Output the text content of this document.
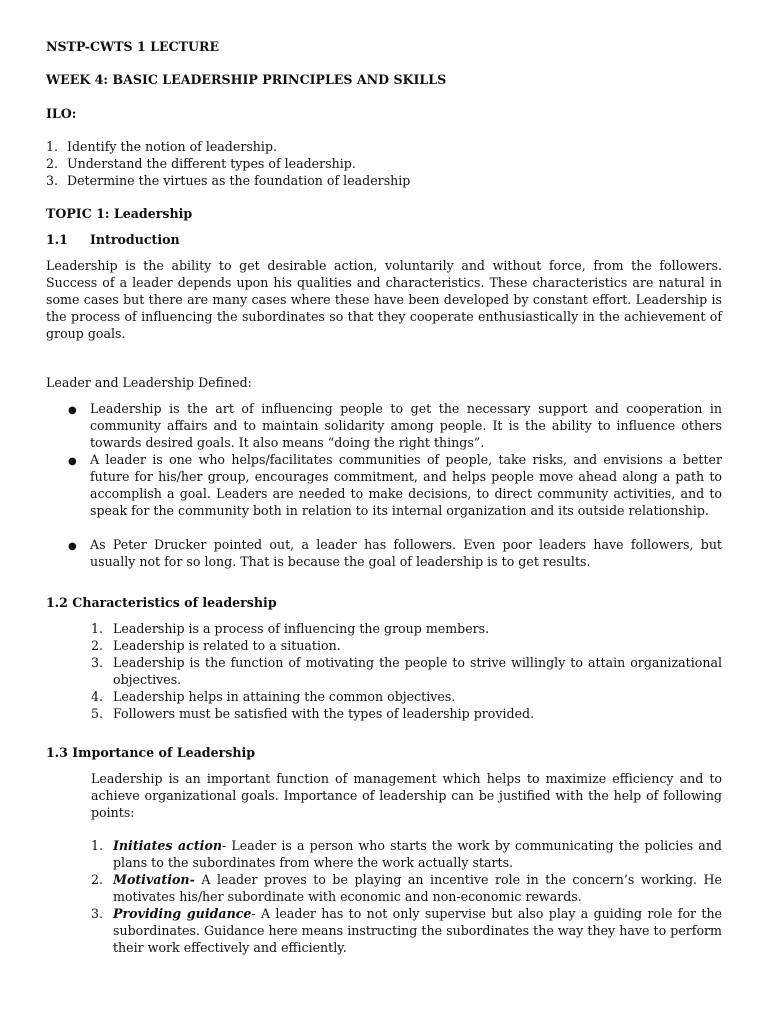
NSTP-CWTS 1 LECTURE
WEEK 4: BASIC LEADERSHIP PRINCIPLES AND SKILLS
ILO:
1. Identify the notion of leadership.
2. Understand the different types of leadership.
3. Determine the virtues as the foundation of leadership
TOPIC 1: Leadership
1.1 Introduction
Leadership is the ability to get desirable action, voluntarily and without force, from the followers. Success of a leader depends upon his qualities and characteristics. These characteristics are natural in some cases but there are many cases where these have been developed by constant effort. Leadership is the process of influencing the subordinates so that they cooperate enthusiastically in the achievement of group goals.
Leader and Leadership Defined:
● Leadership is the art of influencing people to get the necessary support and cooperation in community affairs and to maintain solidarity among people. It is the ability to influence others towards desired goals. It also means “doing the right things”.
● A leader is one who helps/facilitates communities of people, take risks, and envisions a better future for his/her group, encourages commitment, and helps people move ahead along a path to accomplish a goal. Leaders are needed to make decisions, to direct community activities, and to speak for the community both in relation to its internal organization and its outside relationship.
● As Peter Drucker pointed out, a leader has followers. Even poor leaders have followers, but usually not for so long. That is because the goal of leadership is to get results.
1.2 Characteristics of leadership
1. Leadership is a process of influencing the group members.
2. Leadership is related to a situation.
3. Leadership is the function of motivating the people to strive willingly to attain organizational objectives.
4. Leadership helps in attaining the common objectives.
5. Followers must be satisfied with the types of leadership provided.
1.3 Importance of Leadership
Leadership is an important function of management which helps to maximize efficiency and to achieve organizational goals. Importance of leadership can be justified with the help of following points:
1. Initiates action- Leader is a person who starts the work by communicating the policies and plans to the subordinates from where the work actually starts.
2. Motivation- A leader proves to be playing an incentive role in the concern’s working. He motivates his/her subordinate with economic and non-economic rewards.
3. Providing guidance- A leader has to not only supervise but also play a guiding role for the subordinates. Guidance here means instructing the subordinates the way they have to perform their work effectively and efficiently.
